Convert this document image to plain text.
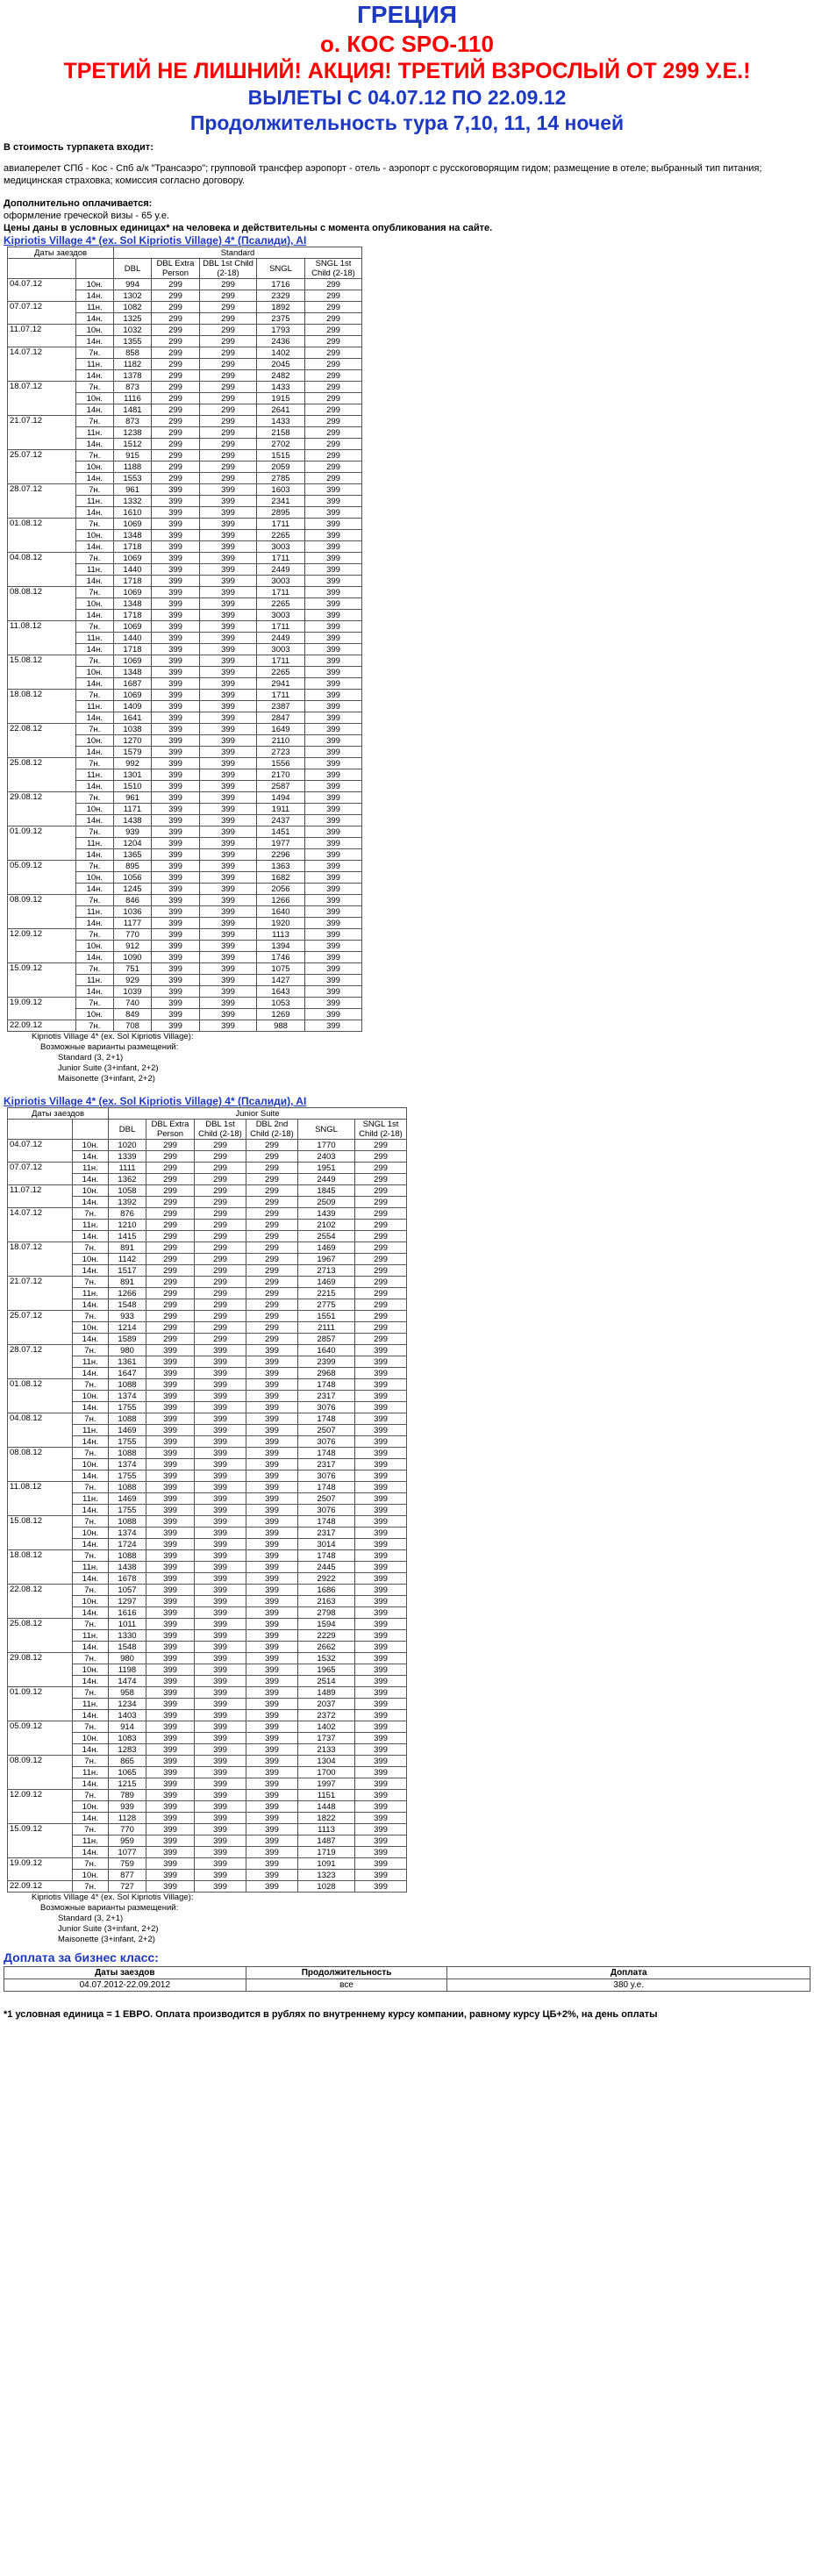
ГРЕЦИЯ
о. КОС SPO-110
ТРЕТИЙ НЕ ЛИШНИЙ! АКЦИЯ! ТРЕТИЙ ВЗРОСЛЫЙ ОТ 299 У.Е.!
ВЫЛЕТЫ С 04.07.12 ПО 22.09.12
Продолжительность тура 7,10, 11, 14 ночей
В стоимость турпакета входит:
авиаперелет СПб - Кос - Спб а/к "Трансаэро"; групповой трансфер аэропорт - отель - аэропорт с русскоговорящим гидом; размещение в отеле; выбранный тип питания; медицинская страховка; комиссия согласно договору.
Дополнительно оплачивается:
оформление греческой визы - 65 у.е.
Цены даны в условных единицах* на человека и действительны с момента опубликования на сайте.
Kipriotis Village 4* (ex. Sol Kipriotis Village) 4* (Псалиди), AI
Даты заездов		Standard				
		DBL	DBL Extra Person	DBL 1st Child (2-18)	SNGL	SNGL 1st Child (2-18)
04.07.12	10н.	994	299	299	1716	299
	14н.	1302	299	299	2329	299
07.07.12	11н.	1082	299	299	1892	299
	14н.	1325	299	299	2375	299
11.07.12	10н.	1032	299	299	1793	299
	14н.	1355	299	299	2436	299
14.07.12	7н.	858	299	299	1402	299
	11н.	1182	299	299	2045	299
	14н.	1378	299	299	2482	299
18.07.12	7н.	873	299	299	1433	299
	10н.	1116	299	299	1915	299
	14н.	1481	299	299	2641	299
21.07.12	7н.	873	299	299	1433	299
	11н.	1238	299	299	2158	299
	14н.	1512	299	299	2702	299
25.07.12	7н.	915	299	299	1515	299
	10н.	1188	299	299	2059	299
	14н.	1553	299	299	2785	299
28.07.12	7н.	961	399	399	1603	399
	11н.	1332	399	399	2341	399
	14н.	1610	399	399	2895	399
01.08.12	7н.	1069	399	399	1711	399
	10н.	1348	399	399	2265	399
	14н.	1718	399	399	3003	399
04.08.12	7н.	1069	399	399	1711	399
	11н.	1440	399	399	2449	399
	14н.	1718	399	399	3003	399
08.08.12	7н.	1069	399	399	1711	399
	10н.	1348	399	399	2265	399
	14н.	1718	399	399	3003	399
11.08.12	7н.	1069	399	399	1711	399
	11н.	1440	399	399	2449	399
	14н.	1718	399	399	3003	399
15.08.12	7н.	1069	399	399	1711	399
	10н.	1348	399	399	2265	399
	14н.	1687	399	399	2941	399
18.08.12	7н.	1069	399	399	1711	399
	11н.	1409	399	399	2387	399
	14н.	1641	399	399	2847	399
22.08.12	7н.	1038	399	399	1649	399
	10н.	1270	399	399	2110	399
	14н.	1579	399	399	2723	399
25.08.12	7н.	992	399	399	1556	399
	11н.	1301	399	399	2170	399
	14н.	1510	399	399	2587	399
29.08.12	7н.	961	399	399	1494	399
	10н.	1171	399	399	1911	399
	14н.	1438	399	399	2437	399
01.09.12	7н.	939	399	399	1451	399
	11н.	1204	399	399	1977	399
	14н.	1365	399	399	2296	399
05.09.12	7н.	895	399	399	1363	399
	10н.	1056	399	399	1682	399
	14н.	1245	399	399	2056	399
08.09.12	7н.	846	399	399	1266	399
	11н.	1036	399	399	1640	399
	14н.	1177	399	399	1920	399
12.09.12	7н.	770	399	399	1113	399
	10н.	912	399	399	1394	399
	14н.	1090	399	399	1746	399
15.09.12	7н.	751	399	399	1075	399
	11н.	929	399	399	1427	399
	14н.	1039	399	399	1643	399
19.09.12	7н.	740	399	399	1053	399
	10н.	849	399	399	1269	399
22.09.12	7н.	708	399	399	988	399
Kipriotis Village 4* (ex. Sol Kipriotis Village):
Возможные варианты размещений:
Standard (3, 2+1)
Junior Suite (3+infant, 2+2)
Maisonette (3+infant, 2+2)
Kipriotis Village 4* (ex. Sol Kipriotis Village) 4* (Псалиди), AI
Даты заездов		Junior Suite					
		DBL	DBL Extra Person	DBL 1st Child (2-18)	DBL 2nd Child (2-18)	SNGL	SNGL 1st Child (2-18)
04.07.12	10н.	1020	299	299	299	1770	299
	14н.	1339	299	299	299	2403	299
07.07.12	11н.	1111	299	299	299	1951	299
	14н.	1362	299	299	299	2449	299
11.07.12	10н.	1058	299	299	299	1845	299
	14н.	1392	299	299	299	2509	299
14.07.12	7н.	876	299	299	299	1439	299
	11н.	1210	299	299	299	2102	299
	14н.	1415	299	299	299	2554	299
18.07.12	7н.	891	299	299	299	1469	299
	10н.	1142	299	299	299	1967	299
	14н.	1517	299	299	299	2713	299
21.07.12	7н.	891	299	299	299	1469	299
	11н.	1266	299	299	299	2215	299
	14н.	1548	299	299	299	2775	299
25.07.12	7н.	933	299	299	299	1551	299
	10н.	1214	299	299	299	2111	299
	14н.	1589	299	299	299	2857	299
28.07.12	7н.	980	399	399	399	1640	399
	11н.	1361	399	399	399	2399	399
	14н.	1647	399	399	399	2968	399
01.08.12	7н.	1088	399	399	399	1748	399
	10н.	1374	399	399	399	2317	399
	14н.	1755	399	399	399	3076	399
04.08.12	7н.	1088	399	399	399	1748	399
	11н.	1469	399	399	399	2507	399
	14н.	1755	399	399	399	3076	399
08.08.12	7н.	1088	399	399	399	1748	399
	10н.	1374	399	399	399	2317	399
	14н.	1755	399	399	399	3076	399
11.08.12	7н.	1088	399	399	399	1748	399
	11н.	1469	399	399	399	2507	399
	14н.	1755	399	399	399	3076	399
15.08.12	7н.	1088	399	399	399	1748	399
	10н.	1374	399	399	399	2317	399
	14н.	1724	399	399	399	3014	399
18.08.12	7н.	1088	399	399	399	1748	399
	11н.	1438	399	399	399	2445	399
	14н.	1678	399	399	399	2922	399
22.08.12	7н.	1057	399	399	399	1686	399
	10н.	1297	399	399	399	2163	399
	14н.	1616	399	399	399	2798	399
25.08.12	7н.	1011	399	399	399	1594	399
	11н.	1330	399	399	399	2229	399
	14н.	1548	399	399	399	2662	399
29.08.12	7н.	980	399	399	399	1532	399
	10н.	1198	399	399	399	1965	399
	14н.	1474	399	399	399	2514	399
01.09.12	7н.	958	399	399	399	1489	399
	11н.	1234	399	399	399	2037	399
	14н.	1403	399	399	399	2372	399
05.09.12	7н.	914	399	399	399	1402	399
	10н.	1083	399	399	399	1737	399
	14н.	1283	399	399	399	2133	399
08.09.12	7н.	865	399	399	399	1304	399
	11н.	1065	399	399	399	1700	399
	14н.	1215	399	399	399	1997	399
12.09.12	7н.	789	399	399	399	1151	399
	10н.	939	399	399	399	1448	399
	14н.	1128	399	399	399	1822	399
15.09.12	7н.	770	399	399	399	1113	399
	11н.	959	399	399	399	1487	399
	14н.	1077	399	399	399	1719	399
19.09.12	7н.	759	399	399	399	1091	399
	10н.	877	399	399	399	1323	399
22.09.12	7н.	727	399	399	399	1028	399
Kipriotis Village 4* (ex. Sol Kipriotis Village):
Возможные варианты размещений:
Standard (3, 2+1)
Junior Suite (3+infant, 2+2)
Maisonette (3+infant, 2+2)
Доплата за бизнес класс:
Даты заездов	Продолжительность	Доплата
04.07.2012-22.09.2012	все	380 у.е.
*1 условная единица = 1 ЕВРО. Оплата производится в рублях по внутреннему курсу компании, равному курсу ЦБ+2%, на день оплаты
